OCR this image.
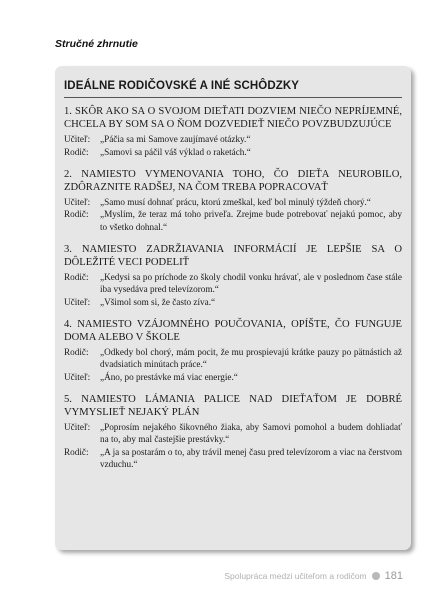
Stručné zhrnutie
IDEÁLNE RODIČOVSKÉ A INÉ SCHÔDZKY
1. SKÔR AKO SA O SVOJOM DIEŤATI DOZVIEM NIEČO NEPRÍJEMNÉ, CHCELA BY SOM SA O ŇOM DOZVEDIEŤ NIEČO POVZBUDZUJÚCE
Učiteľ:	„Páčia sa mi Samove zaujímavé otázky.“
Rodič:	„Samovi sa páčil váš výklad o raketách.“
2. NAMIESTO VYMENOVANIA TOHO, ČO DIEŤA NEUROBILO, ZDÔRAZNITE RADŠEJ, NA ČOM TREBA POPRACOVAŤ
Učiteľ:	„Samo musí dohnať prácu, ktorú zmeškal, keď bol minulý týždeň chorý.“
Rodič:	„Myslím, že teraz má toho priveľa. Zrejme bude potrebovať nejakú pomoc, aby to všetko dohnal.“
3. NAMIESTO ZADRŽIAVANIA INFORMÁCIÍ JE LEPŠIE SA O DÔLEŽITÉ VECI PODELIŤ
Rodič:	„Kedysi sa po príchode zo školy chodil vonku hrávať, ale v poslednom čase stále iba vysedáva pred televízorom.“
Učiteľ:	„Všimol som si, že často zíva.“
4. NAMIESTO VZÁJOMNÉHO POUČOVANIA, OPÍŠTE, ČO FUNGUJE DOMA ALEBO V ŠKOLE
Rodič:	„Odkedy bol chorý, mám pocit, že mu prospievajú krátke pauzy po pätnástich až dvadsiatich minútach práce.“
Učiteľ:	„Áno, po prestávke má viac energie.“
5. NAMIESTO LÁMANIA PALICE NAD DIEŤAŤOM JE DOBRÉ VYMYSLIEŤ NEJAKÝ PLÁN
Učiteľ:	„Poprosím nejakého šikovného žiaka, aby Samovi pomohol a budem dohliadať na to, aby mal častejšie prestávky.“
Rodič:	„A ja sa postarám o to, aby trávil menej času pred televízorom a viac na čerstvom vzduchu.“
Spolupráca medzi učiteľom a rodičom 181
